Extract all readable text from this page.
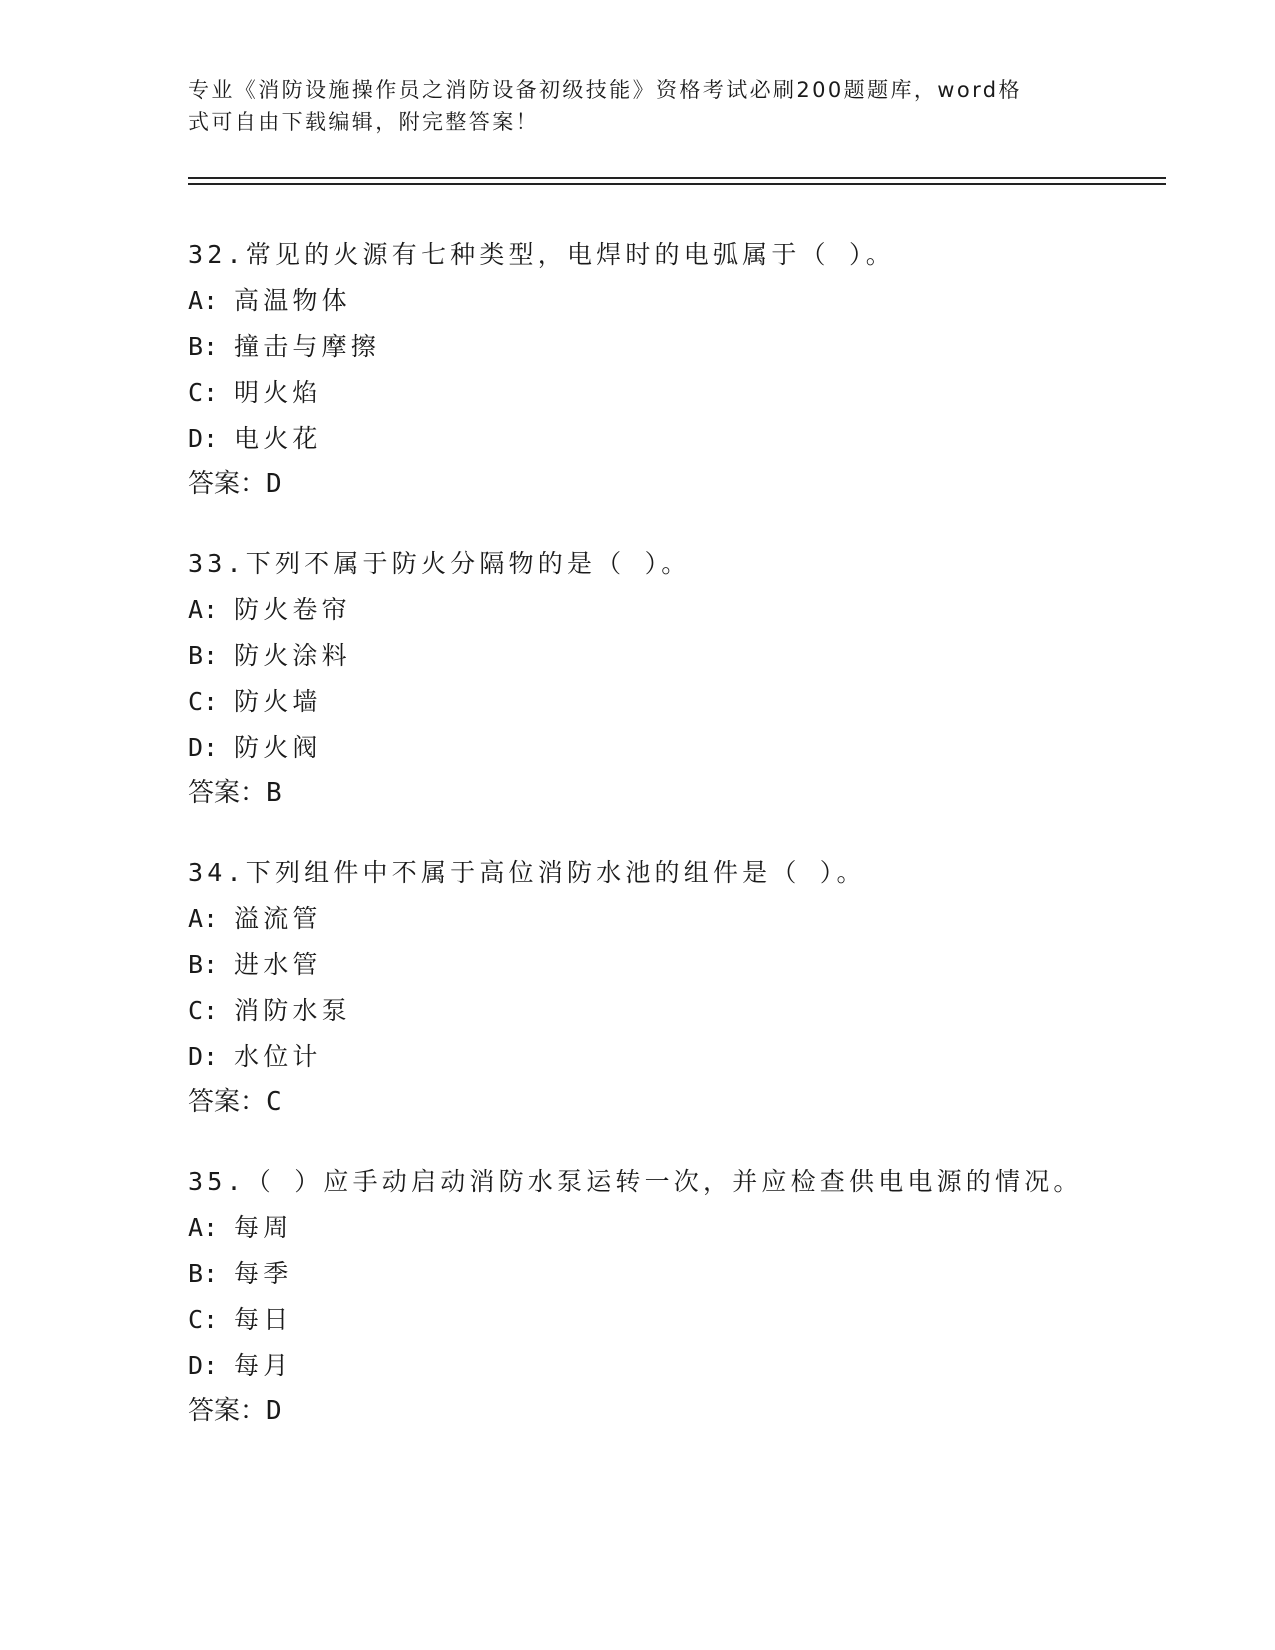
专业《消防设施操作员之消防设备初级技能》资格考试必刷200题题库，word格
式可自由下载编辑，附完整答案！
32.常见的火源有七种类型，电焊时的电弧属于（ ）。
A: 高温物体
B: 撞击与摩擦
C: 明火焰
D: 电火花
答案：D
33.下列不属于防火分隔物的是（ ）。
A: 防火卷帘
B: 防火涂料
C: 防火墙
D: 防火阀
答案：B
34.下列组件中不属于高位消防水池的组件是（ ）。
A: 溢流管
B: 进水管
C: 消防水泵
D: 水位计
答案：C
35.（ ）应手动启动消防水泵运转一次，并应检查供电电源的情况。
A: 每周
B: 每季
C: 每日
D: 每月
答案：D
